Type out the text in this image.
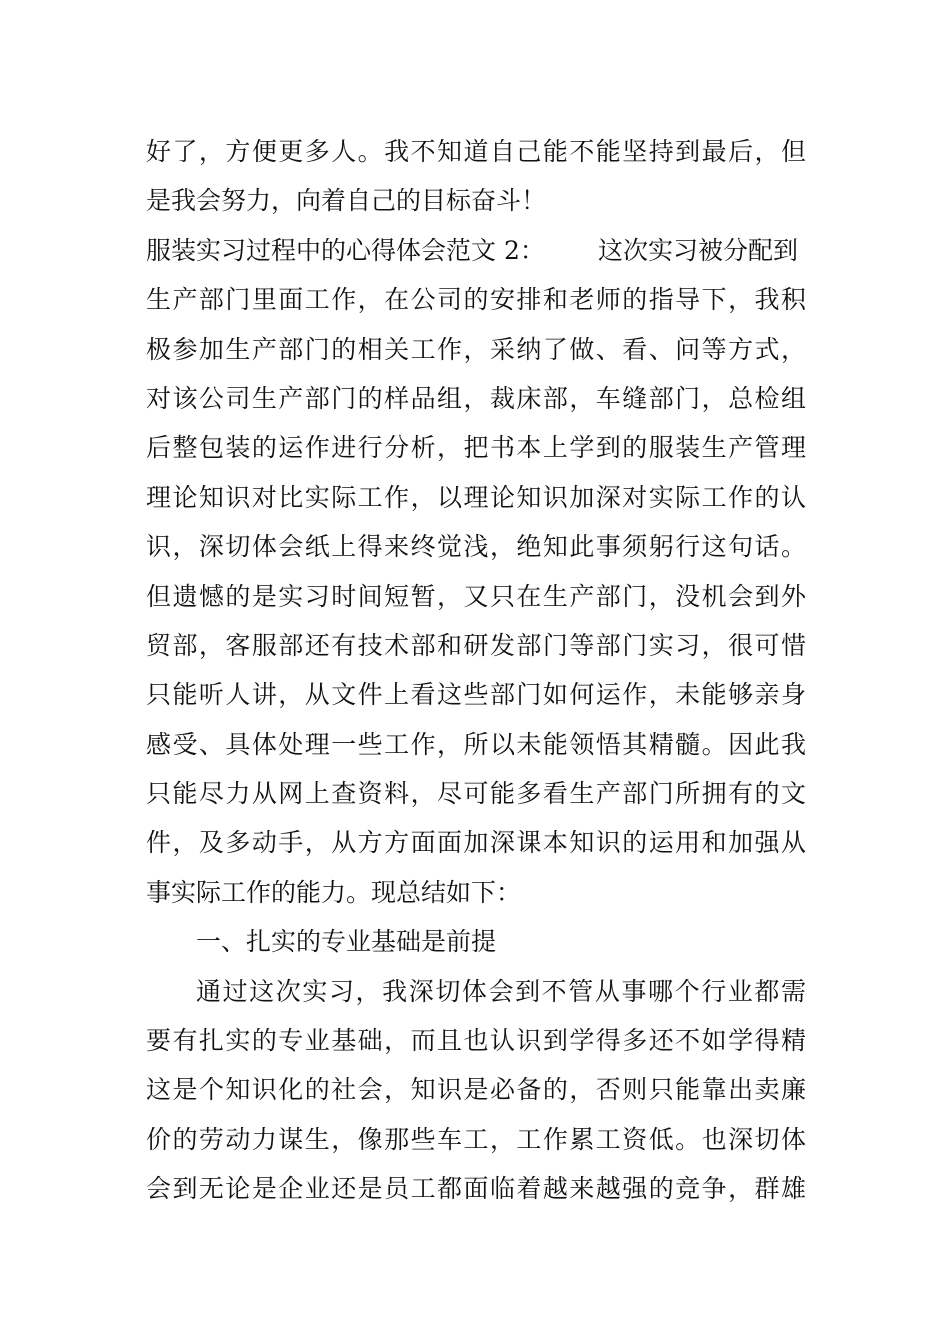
好了，方便更多人。我不知道自己能不能坚持到最后，但
是我会努力，向着自己的目标奋斗！
服装实习过程中的心得体会范文 2： 这次实习被分配到
生产部门里面工作，在公司的安排和老师的指导下，我积
极参加生产部门的相关工作，采纳了做、看、问等方式，
对该公司生产部门的样品组，裁床部，车缝部门，总检组
后整包装的运作进行分析，把书本上学到的服装生产管理
理论知识对比实际工作，以理论知识加深对实际工作的认
识，深切体会纸上得来终觉浅，绝知此事须躬行这句话。
但遗憾的是实习时间短暂，又只在生产部门，没机会到外
贸部，客服部还有技术部和研发部门等部门实习，很可惜
只能听人讲，从文件上看这些部门如何运作，未能够亲身
感受、具体处理一些工作，所以未能领悟其精髓。因此我
只能尽力从网上查资料，尽可能多看生产部门所拥有的文
件，及多动手，从方方面面加深课本知识的运用和加强从
事实际工作的能力。现总结如下：
一、扎实的专业基础是前提
通过这次实习，我深切体会到不管从事哪个行业都需
要有扎实的专业基础，而且也认识到学得多还不如学得精
这是个知识化的社会，知识是必备的，否则只能靠出卖廉
价的劳动力谋生，像那些车工，工作累工资低。也深切体
会到无论是企业还是员工都面临着越来越强的竞争，群雄
